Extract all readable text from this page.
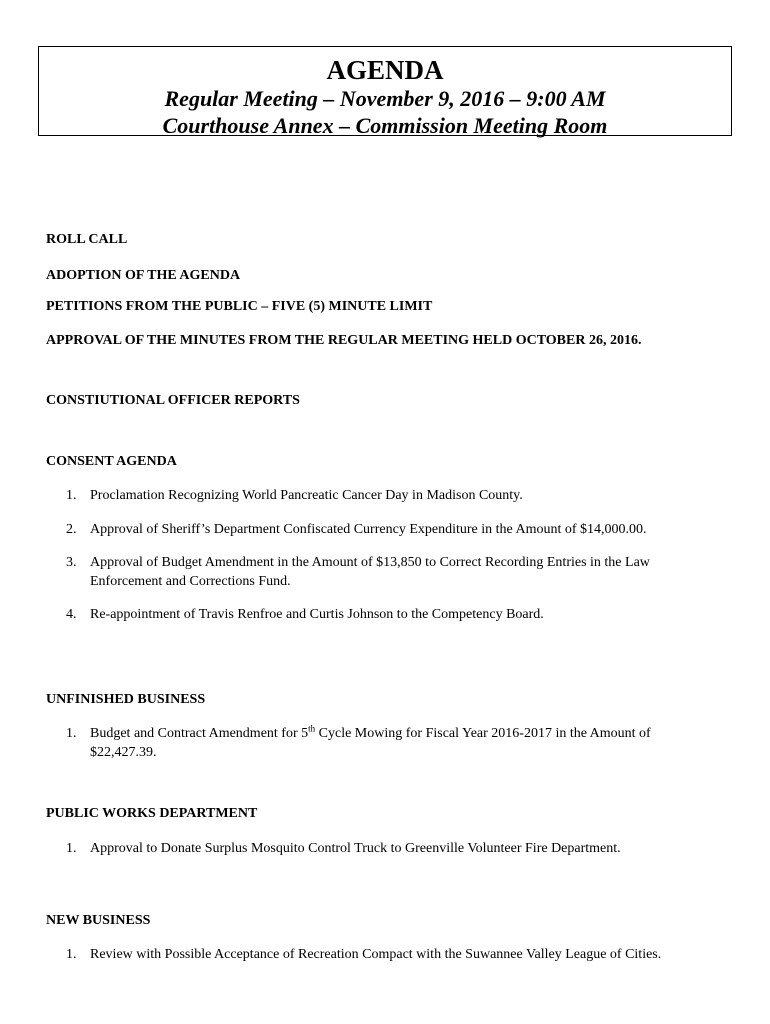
AGENDA
Regular Meeting – November 9, 2016 – 9:00 AM
Courthouse Annex – Commission Meeting Room
ROLL CALL
ADOPTION OF THE AGENDA
PETITIONS FROM THE PUBLIC – FIVE (5) MINUTE LIMIT
APPROVAL OF THE MINUTES FROM THE REGULAR MEETING HELD OCTOBER 26, 2016.
CONSTIUTIONAL OFFICER REPORTS
CONSENT AGENDA
1. Proclamation Recognizing World Pancreatic Cancer Day in Madison County.
2. Approval of Sheriff’s Department Confiscated Currency Expenditure in the Amount of $14,000.00.
3. Approval of Budget Amendment in the Amount of $13,850 to Correct Recording Entries in the Law Enforcement and Corrections Fund.
4. Re-appointment of Travis Renfroe and Curtis Johnson to the Competency Board.
UNFINISHED BUSINESS
1. Budget and Contract Amendment for 5th Cycle Mowing for Fiscal Year 2016-2017 in the Amount of $22,427.39.
PUBLIC WORKS DEPARTMENT
1. Approval to Donate Surplus Mosquito Control Truck to Greenville Volunteer Fire Department.
NEW BUSINESS
1. Review with Possible Acceptance of Recreation Compact with the Suwannee Valley League of Cities.
